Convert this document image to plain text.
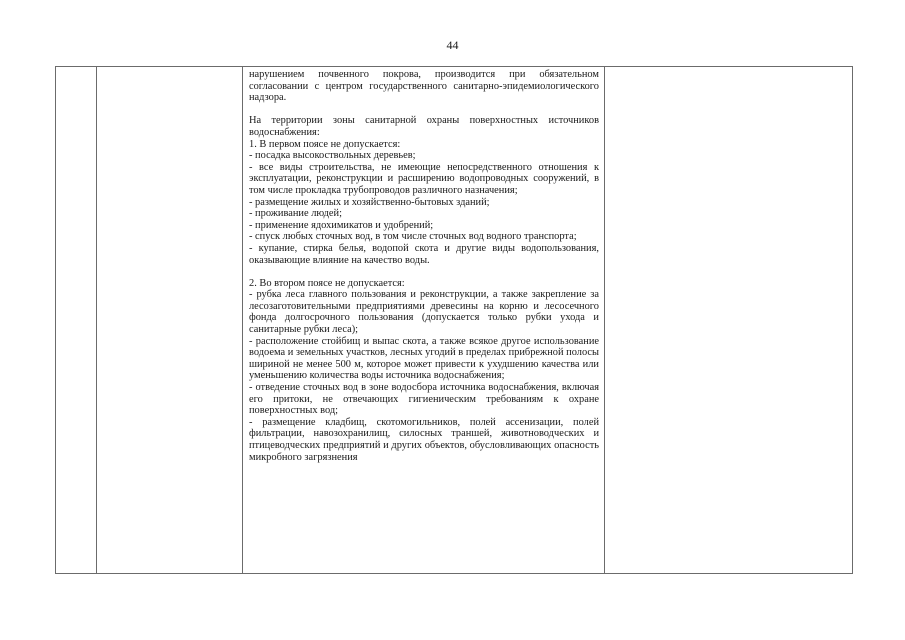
44

нарушением почвенного покрова, производится при обязательном согласовании с центром государственного санитарно-эпидемиологического надзора.

На территории зоны санитарной охраны поверхностных источников водоснабжения:

1. В первом поясе не допускается:

- посадка высокоствольных деревьев;

- все виды строительства, не имеющие непосредственного отношения к эксплуатации, реконструкции и расширению водопроводных сооружений, в том числе прокладка трубопроводов различного назначения;

- размещение жилых и хозяйственно-бытовых зданий;

- проживание людей;

- применение ядохимикатов и удобрений;

- спуск любых сточных вод, в том числе сточных вод водного транспорта;

- купание, стирка белья, водопой скота и другие виды водопользования, оказывающие влияние на качество воды.

2. Во втором поясе не допускается:

- рубка леса главного пользования и реконструкции, а также закрепление за лесозаготовительными предприятиями древесины на корню и лесосечного фонда долгосрочного пользования (допускается только рубки ухода и санитарные рубки леса);

- расположение стойбищ и выпас скота, а также всякое другое использование водоема и земельных участков, лесных угодий в пределах прибрежной полосы шириной не менее 500 м, которое может привести к ухудшению качества или уменьшению количества воды источника водоснабжения;

- отведение сточных вод в зоне водосбора источника водоснабжения, включая его притоки, не отвечающих гигиеническим требованиям к охране поверхностных вод;

- размещение кладбищ, скотомогильников, полей ассенизации, полей фильтрации, навозохранилищ, силосных траншей, животноводческих и птицеводческих предприятий и других объектов, обусловливающих опасность микробного загрязнения
